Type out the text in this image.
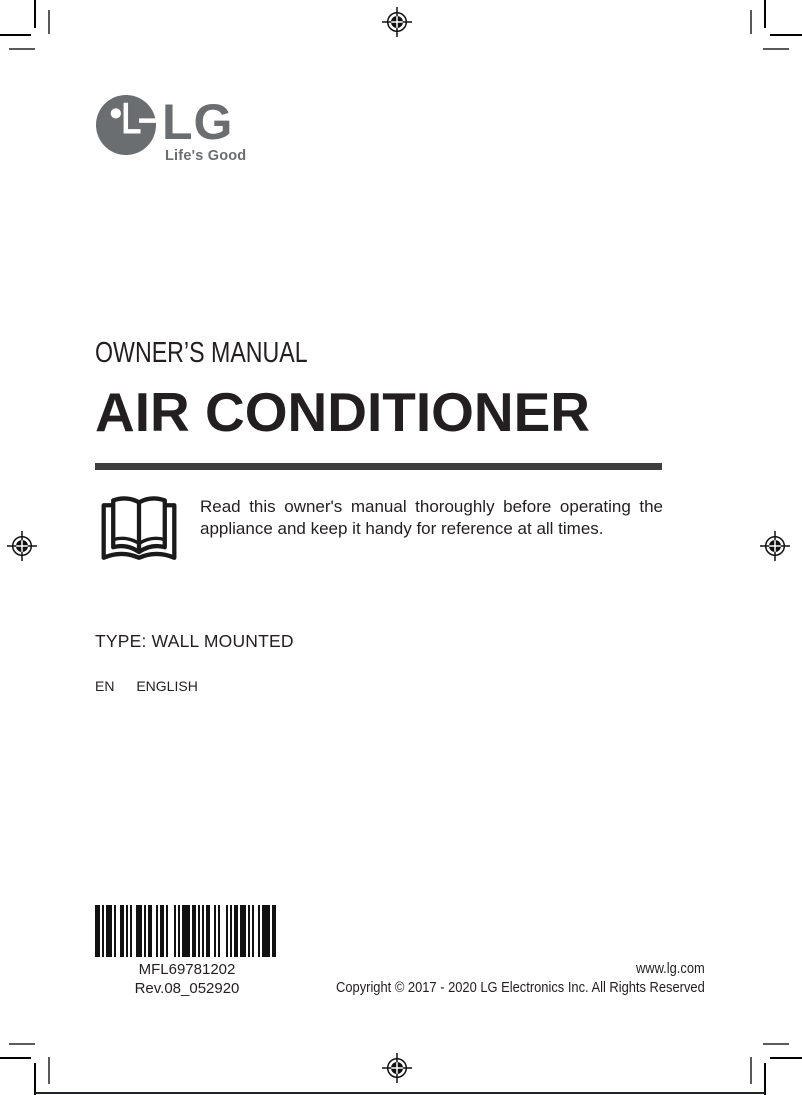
LG
Life's Good
OWNER’S MANUAL
AIR CONDITIONER
Read this owner's manual thoroughly before operating the
appliance and keep it handy for reference at all times.
TYPE: WALL MOUNTED
EN ENGLISH
MFL69781202
Rev.08_052920
www.lg.com
Copyright © 2017 - 2020 LG Electronics Inc. All Rights Reserved
